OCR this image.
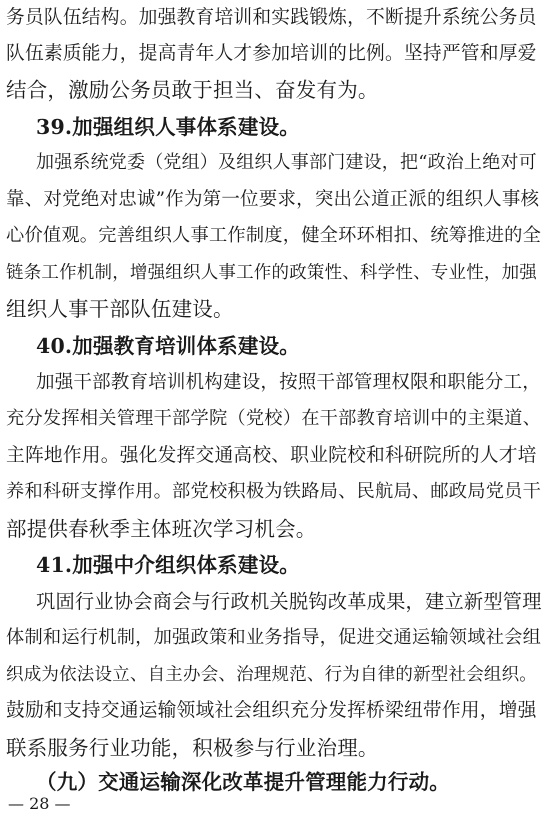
务员队伍结构。加强教育培训和实践锻炼，不断提升系统公务员
队伍素质能力，提高青年人才参加培训的比例。坚持严管和厚爱
结合，激励公务员敢于担当、奋发有为。
39.加强组织人事体系建设。
加强系统党委（党组）及组织人事部门建设，把“政治上绝对可
靠、对党绝对忠诚”作为第一位要求，突出公道正派的组织人事核
心价值观。完善组织人事工作制度，健全环环相扣、统筹推进的全
链条工作机制，增强组织人事工作的政策性、科学性、专业性，加强
组织人事干部队伍建设。
40.加强教育培训体系建设。
加强干部教育培训机构建设，按照干部管理权限和职能分工，
充分发挥相关管理干部学院（党校）在干部教育培训中的主渠道、
主阵地作用。强化发挥交通高校、职业院校和科研院所的人才培
养和科研支撑作用。部党校积极为铁路局、民航局、邮政局党员干
部提供春秋季主体班次学习机会。
41.加强中介组织体系建设。
巩固行业协会商会与行政机关脱钩改革成果，建立新型管理
体制和运行机制，加强政策和业务指导，促进交通运输领域社会组
织成为依法设立、自主办会、治理规范、行为自律的新型社会组织。
鼓励和支持交通运输领域社会组织充分发挥桥梁纽带作用，增强
联系服务行业功能，积极参与行业治理。
（九）交通运输深化改革提升管理能力行动。
— 28 —
